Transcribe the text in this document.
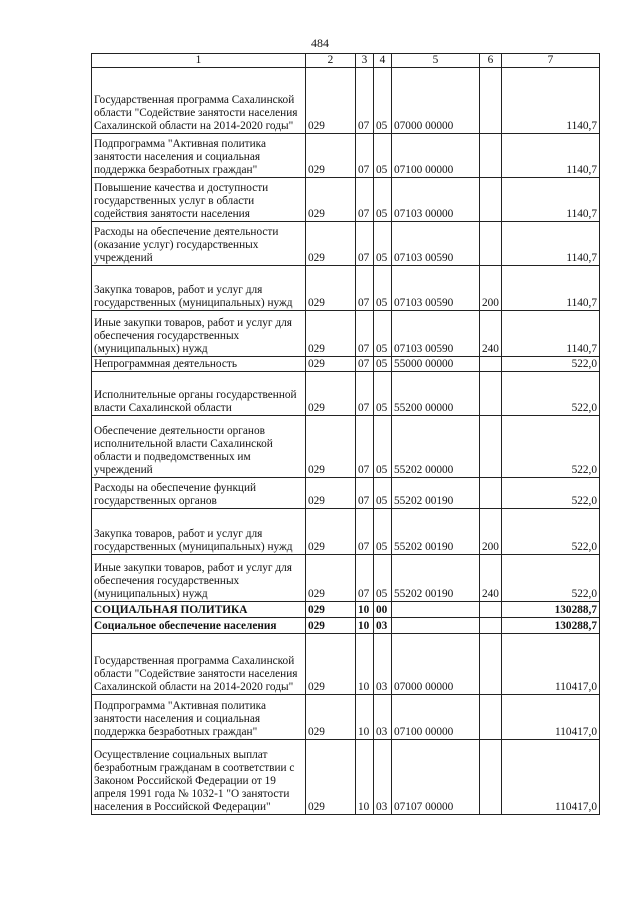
484
1	2	3	4	5	6	7
Государственная программа Сахалинской области "Содействие занятости населения Сахалинской области на 2014-2020 годы"	029	07	05	07000 00000		1140,7
Подпрограмма "Активная политика занятости населения и социальная поддержка безработных граждан"	029	07	05	07100 00000		1140,7
Повышение качества и доступности государственных услуг в области содействия занятости населения	029	07	05	07103 00000		1140,7
Расходы на обеспечение деятельности (оказание услуг) государственных учреждений	029	07	05	07103 00590		1140,7
Закупка товаров, работ и услуг для государственных (муниципальных) нужд	029	07	05	07103 00590	200	1140,7
Иные закупки товаров, работ и услуг для обеспечения государственных (муниципальных) нужд	029	07	05	07103 00590	240	1140,7
Непрограммная деятельность	029	07	05	55000 00000		522,0
Исполнительные органы государственной власти Сахалинской области	029	07	05	55200 00000		522,0
Обеспечение деятельности органов исполнительной власти Сахалинской области и подведомственных им учреждений	029	07	05	55202 00000		522,0
Расходы на обеспечение функций государственных органов	029	07	05	55202 00190		522,0
Закупка товаров, работ и услуг для государственных (муниципальных) нужд	029	07	05	55202 00190	200	522,0
Иные закупки товаров, работ и услуг для обеспечения государственных (муниципальных) нужд	029	07	05	55202 00190	240	522,0
СОЦИАЛЬНАЯ ПОЛИТИКА	029	10	00			130288,7
Социальное обеспечение населения	029	10	03			130288,7
Государственная программа Сахалинской области "Содействие занятости населения Сахалинской области на 2014-2020 годы"	029	10	03	07000 00000		110417,0
Подпрограмма "Активная политика занятости населения и социальная поддержка безработных граждан"	029	10	03	07100 00000		110417,0
Осуществление социальных выплат безработным гражданам в соответствии с Законом Российской Федерации от 19 апреля 1991 года № 1032-1 "О занятости населения в Российской Федерации"	029	10	03	07107 00000		110417,0
